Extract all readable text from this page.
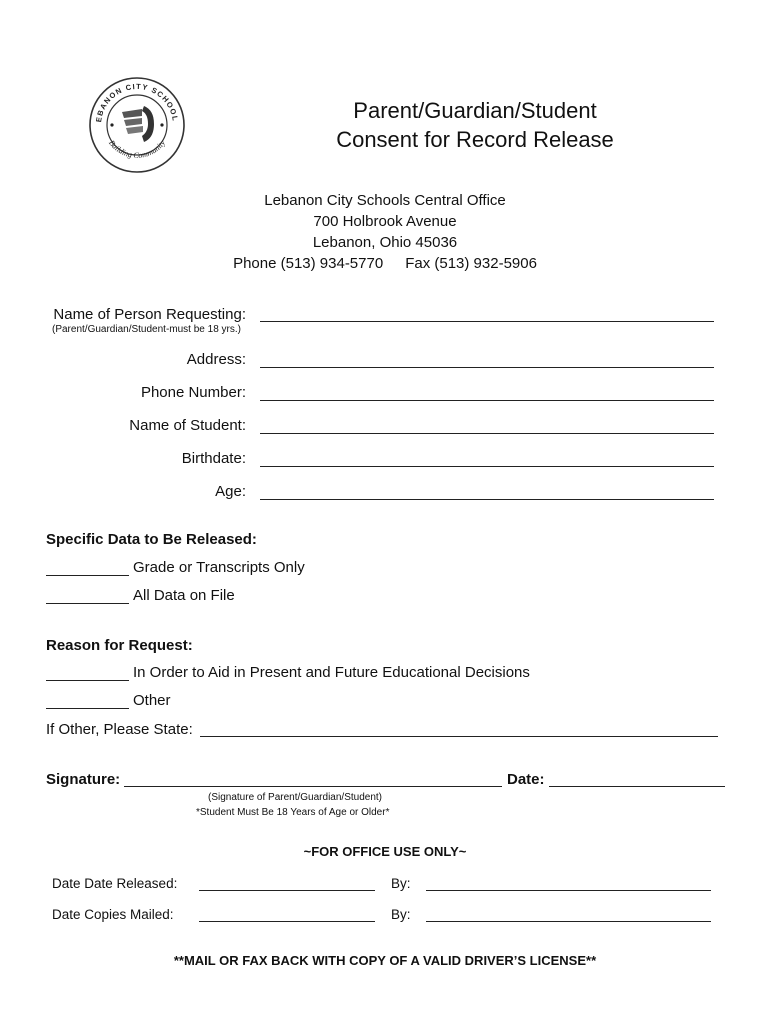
EBANON CITY SCHOOL
Building Community
Parent/Guardian/Student
Consent for Record Release
Lebanon City Schools Central Office
700 Holbrook Avenue
Lebanon, Ohio 45036
Phone (513) 934-5770 Fax (513) 932-5906
Name of Person Requesting:
(Parent/Guardian/Student-must be 18 yrs.)
Address:
Phone Number:
Name of Student:
Birthdate:
Age:
Specific Data to Be Released:
Grade or Transcripts Only
All Data on File
Reason for Request:
In Order to Aid in Present and Future Educational Decisions
Other
If Other, Please State:
Signature:	Date:
(Signature of Parent/Guardian/Student)
*Student Must Be 18 Years of Age or Older*
~FOR OFFICE USE ONLY~
Date Date Released:	By:
Date Copies Mailed:	By:
**MAIL OR FAX BACK WITH COPY OF A VALID DRIVER’S LICENSE**
